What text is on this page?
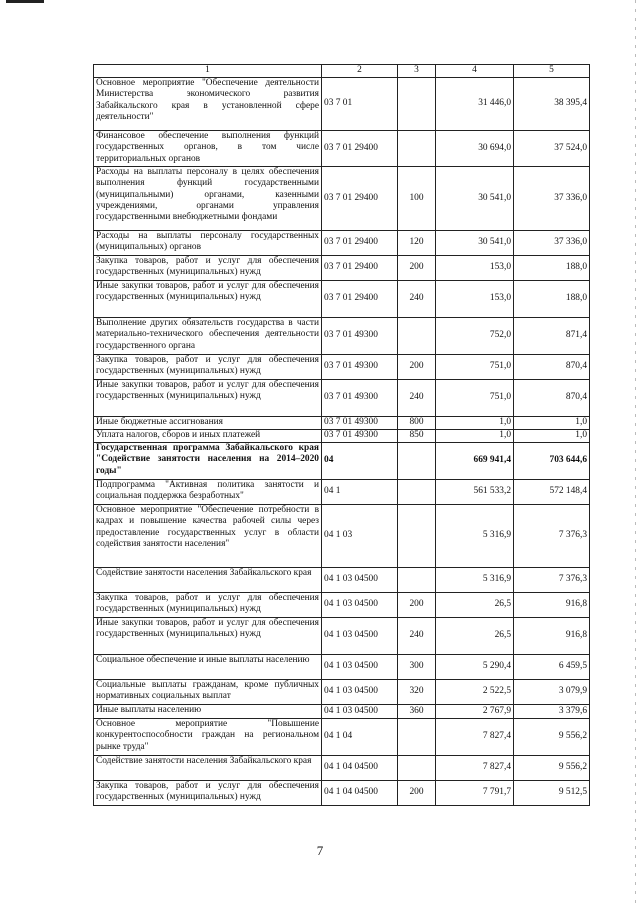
1	2	3	4	5
Основное мероприятие "Обеспечение деятельности Министерства экономического развития Забайкальского края в установленной сфере деятельности"	03 7 01		31 446,0	38 395,4
Финансовое обеспечение выполнения функций государственных органов, в том числе территориальных органов	03 7 01 29400		30 694,0	37 524,0
Расходы на выплаты персоналу в целях обеспечения выполнения функций государственными (муниципальными) органами, казенными учреждениями, органами управления государственными внебюджетными фондами	03 7 01 29400	100	30 541,0	37 336,0
Расходы на выплаты персоналу государственных (муниципальных) органов	03 7 01 29400	120	30 541,0	37 336,0
Закупка товаров, работ и услуг для обеспечения государственных (муниципальных) нужд	03 7 01 29400	200	153,0	188,0
Иные закупки товаров, работ и услуг для обеспечения государственных (муниципальных) нужд	03 7 01 29400	240	153,0	188,0
Выполнение других обязательств государства в части материально-технического обеспечения деятельности государственного органа	03 7 01 49300		752,0	871,4
Закупка товаров, работ и услуг для обеспечения государственных (муниципальных) нужд	03 7 01 49300	200	751,0	870,4
Иные закупки товаров, работ и услуг для обеспечения государственных (муниципальных) нужд	03 7 01 49300	240	751,0	870,4
Иные бюджетные ассигнования	03 7 01 49300	800	1,0	1,0
Уплата налогов, сборов и иных платежей	03 7 01 49300	850	1,0	1,0
Государственная программа Забайкальского края "Содействие занятости населения на 2014–2020 годы"	04		669 941,4	703 644,6
Подпрограмма "Активная политика занятости и социальная поддержка безработных"	04 1		561 533,2	572 148,4
Основное мероприятие "Обеспечение потребности в кадрах и повышение качества рабочей силы через предоставление государственных услуг в области содействия занятости населения"	04 1 03		5 316,9	7 376,3
Содействие занятости населения Забайкальского края	04 1 03 04500		5 316,9	7 376,3
Закупка товаров, работ и услуг для обеспечения государственных (муниципальных) нужд	04 1 03 04500	200	26,5	916,8
Иные закупки товаров, работ и услуг для обеспечения государственных (муниципальных) нужд	04 1 03 04500	240	26,5	916,8
Социальное обеспечение и иные выплаты населению	04 1 03 04500	300	5 290,4	6 459,5
Социальные выплаты гражданам, кроме публичных нормативных социальных выплат	04 1 03 04500	320	2 522,5	3 079,9
Иные выплаты населению	04 1 03 04500	360	2 767,9	3 379,6
Основное мероприятие "Повышение конкурентоспособности граждан на региональном рынке труда"	04 1 04		7 827,4	9 556,2
Содействие занятости населения Забайкальского края	04 1 04 04500		7 827,4	9 556,2
Закупка товаров, работ и услуг для обеспечения государственных (муниципальных) нужд	04 1 04 04500	200	7 791,7	9 512,5
7
